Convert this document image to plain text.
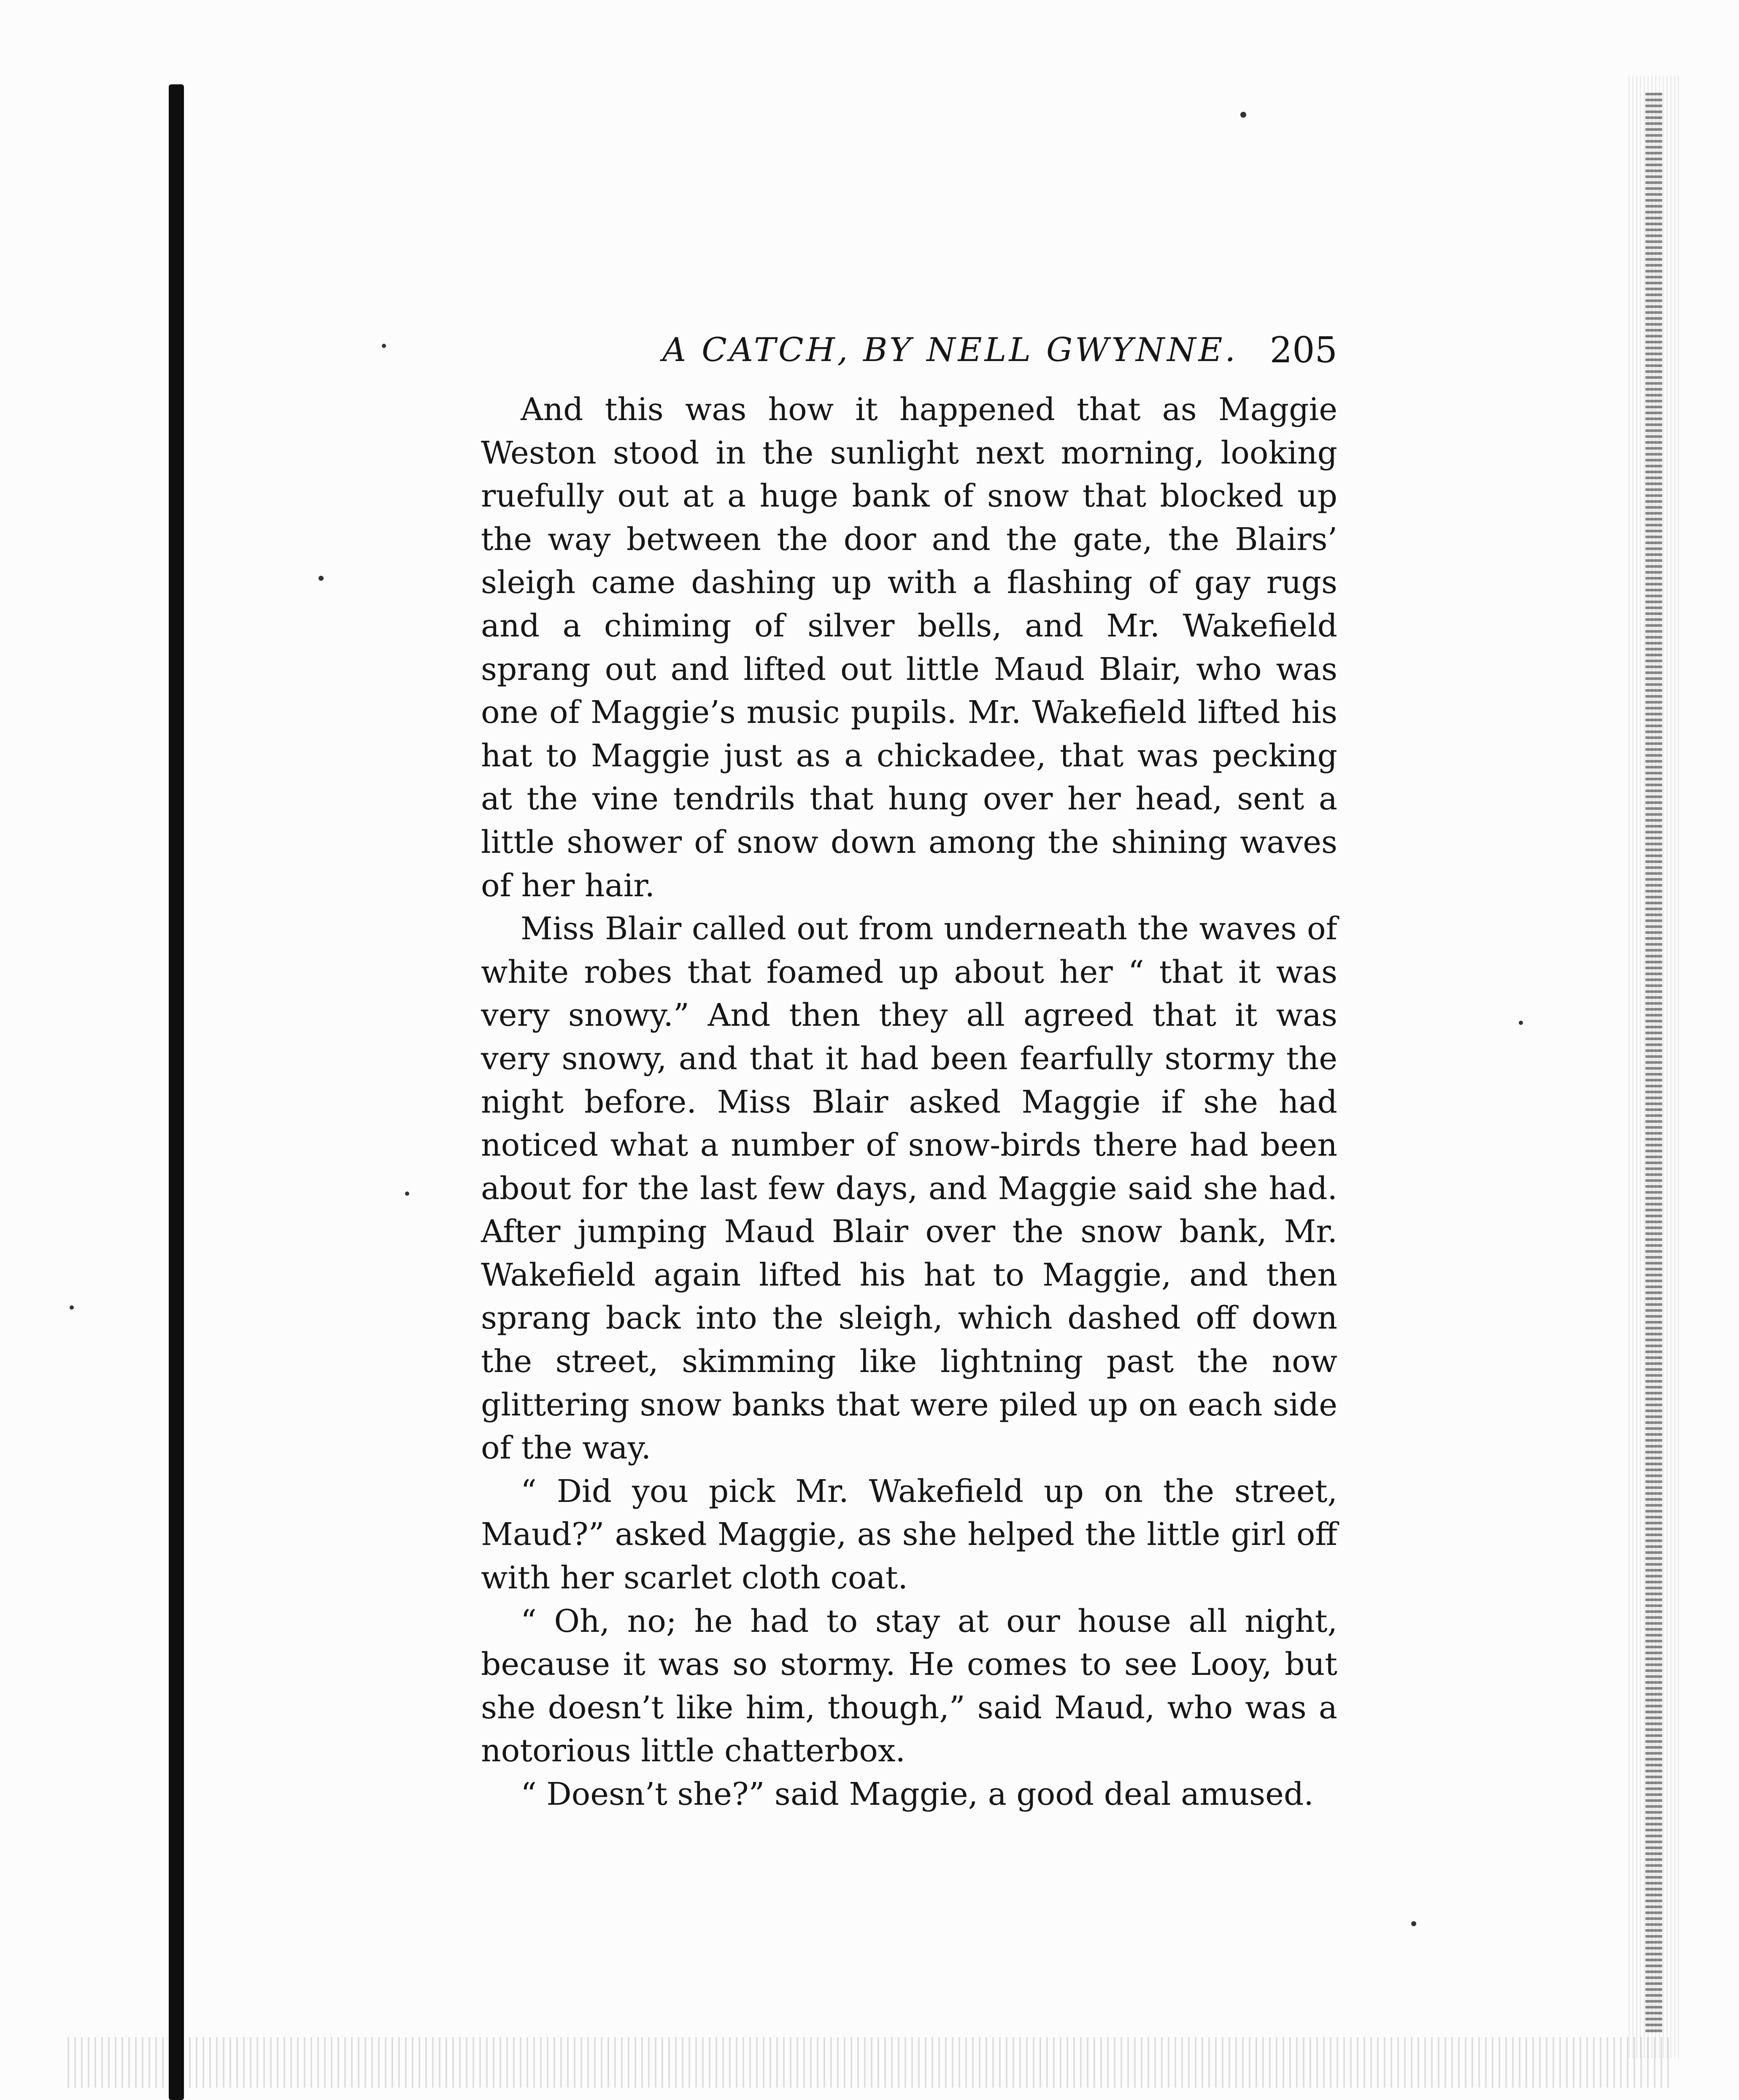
A CATCH, BY NELL GWYNNE. 205

And this was how it happened that as Maggie Weston stood in the sunlight next morning, looking ruefully out at a huge bank of snow that blocked up the way between the door and the gate, the Blairs’ sleigh came dashing up with a flashing of gay rugs and a chiming of silver bells, and Mr. Wakefield sprang out and lifted out little Maud Blair, who was one of Maggie’s music pupils. Mr. Wakefield lifted his hat to Maggie just as a chickadee, that was pecking at the vine tendrils that hung over her head, sent a little shower of snow down among the shining waves of her hair.

Miss Blair called out from underneath the waves of white robes that foamed up about her “ that it was very snowy.” And then they all agreed that it was very snowy, and that it had been fearfully stormy the night before. Miss Blair asked Maggie if she had noticed what a number of snow-birds there had been about for the last few days, and Maggie said she had. After jumping Maud Blair over the snow bank, Mr. Wakefield again lifted his hat to Maggie, and then sprang back into the sleigh, which dashed off down the street, skimming like lightning past the now glittering snow banks that were piled up on each side of the way.

“ Did you pick Mr. Wakefield up on the street, Maud?” asked Maggie, as she helped the little girl off with her scarlet cloth coat.

“ Oh, no; he had to stay at our house all night, because it was so stormy. He comes to see Looy, but she doesn’t like him, though,” said Maud, who was a notorious little chatterbox.

“ Doesn’t she?” said Maggie, a good deal amused.
